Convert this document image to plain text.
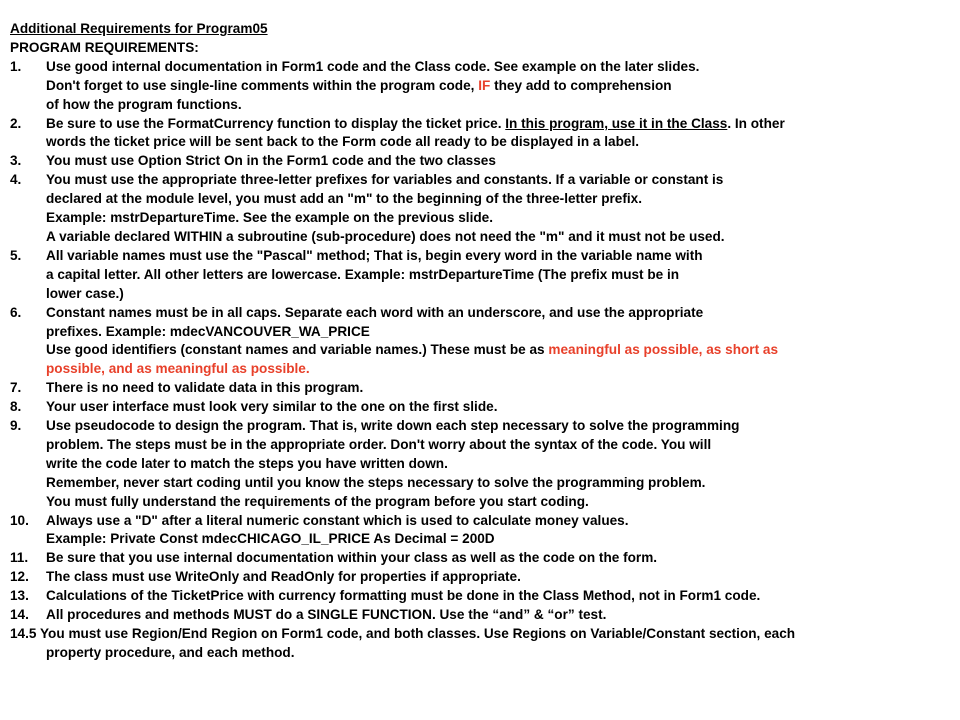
Additional Requirements for Program05
PROGRAM REQUIREMENTS:
1.	Use good internal documentation in Form1 code and the Class code. See example on the later slides.
Don't forget to use single-line comments within the program code, IF they add to comprehension
of how the program functions.
2.	Be sure to use the FormatCurrency function to display the ticket price. In this program, use it in the Class. In other
words the ticket price will be sent back to the Form code all ready to be displayed in a label.
3.	You must use Option Strict On in the Form1 code and the two classes
4.	You must use the appropriate three-letter prefixes for variables and constants. If a variable or constant is
declared at the module level, you must add an "m" to the beginning of the three-letter prefix.
Example: mstrDepartureTime. See the example on the previous slide.
A variable declared WITHIN a subroutine (sub-procedure) does not need the "m" and it must not be used.
5.	All variable names must use the "Pascal" method; That is, begin every word in the variable name with
a capital letter. All other letters are lowercase. Example: mstrDepartureTime (The prefix must be in
lower case.)
6.	Constant names must be in all caps. Separate each word with an underscore, and use the appropriate
prefixes. Example: mdecVANCOUVER_WA_PRICE
Use good identifiers (constant names and variable names.) These must be as meaningful as possible, as short as
possible, and as meaningful as possible.
7.	There is no need to validate data in this program.
8.	Your user interface must look very similar to the one on the first slide.
9.	Use pseudocode to design the program. That is, write down each step necessary to solve the programming
problem. The steps must be in the appropriate order. Don't worry about the syntax of the code. You will
write the code later to match the steps you have written down.
Remember, never start coding until you know the steps necessary to solve the programming problem.
You must fully understand the requirements of the program before you start coding.
10.	Always use a "D" after a literal numeric constant which is used to calculate money values.
Example: Private Const mdecCHICAGO_IL_PRICE As Decimal = 200D
11.	Be sure that you use internal documentation within your class as well as the code on the form.
12.	The class must use WriteOnly and ReadOnly for properties if appropriate.
13.	Calculations of the TicketPrice with currency formatting must be done in the Class Method, not in Form1 code.
14.	All procedures and methods MUST do a SINGLE FUNCTION. Use the “and” & “or” test.
14.5 You must use Region/End Region on Form1 code, and both classes. Use Regions on Variable/Constant section, each
property procedure, and each method.
